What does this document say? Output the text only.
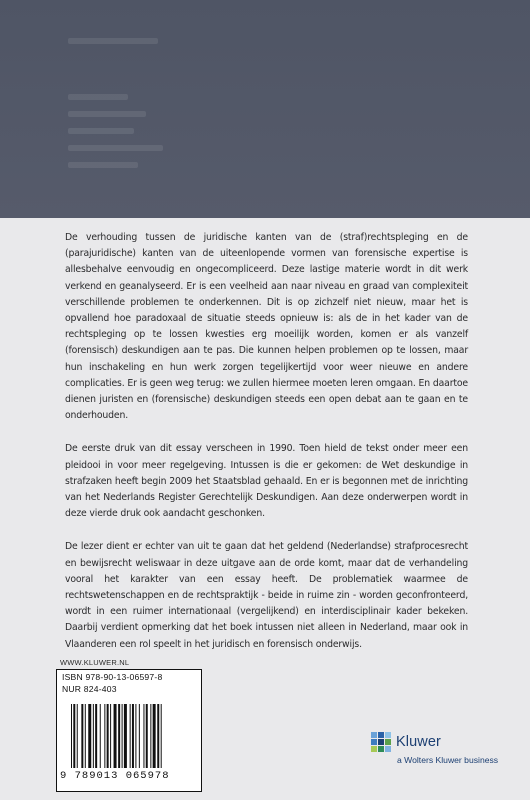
De verhouding tussen de juridische kanten van de (straf)rechtspleging en de (parajuridische) kanten van de uiteenlopende vormen van forensische expertise is allesbehalve eenvoudig en ongecompliceerd. Deze lastige materie wordt in dit werk verkend en geanalyseerd. Er is een veelheid aan naar niveau en graad van complexiteit verschillende problemen te onderkennen. Dit is op zichzelf niet nieuw, maar het is opvallend hoe paradoxaal de situatie steeds opnieuw is: als de in het kader van de rechtspleging op te lossen kwesties erg moeilijk worden, komen er als vanzelf (forensisch) deskundigen aan te pas. Die kunnen helpen problemen op te lossen, maar hun inschakeling en hun werk zorgen tegelijkertijd voor weer nieuwe en andere complicaties. Er is geen weg terug: we zullen hiermee moeten leren omgaan. En daartoe dienen juristen en (forensische) deskundigen steeds een open debat aan te gaan en te onderhouden.

De eerste druk van dit essay verscheen in 1990. Toen hield de tekst onder meer een pleidooi in voor meer regelgeving. Intussen is die er gekomen: de Wet deskundige in strafzaken heeft begin 2009 het Staatsblad gehaald. En er is begonnen met de inrichting van het Nederlands Register Gerechtelijk Deskundigen. Aan deze onderwerpen wordt in deze vierde druk ook aandacht geschonken.

De lezer dient er echter van uit te gaan dat het geldend (Nederlandse) strafprocesrecht en bewijsrecht weliswaar in deze uitgave aan de orde komt, maar dat de verhandeling vooral het karakter van een essay heeft. De problematiek waarmee de rechtswetenschappen en de rechtspraktijk - beide in ruime zin - worden geconfronteerd, wordt in een ruimer internationaal (vergelijkend) en interdisciplinair kader bekeken. Daarbij verdient opmerking dat het boek intussen niet alleen in Nederland, maar ook in Vlaanderen een rol speelt in het juridisch en forensisch onderwijs.

WWW.KLUWER.NL
ISBN 978-90-13-06597-8
NUR 824-403
9 789013 065978
Kluwer
a Wolters Kluwer business
